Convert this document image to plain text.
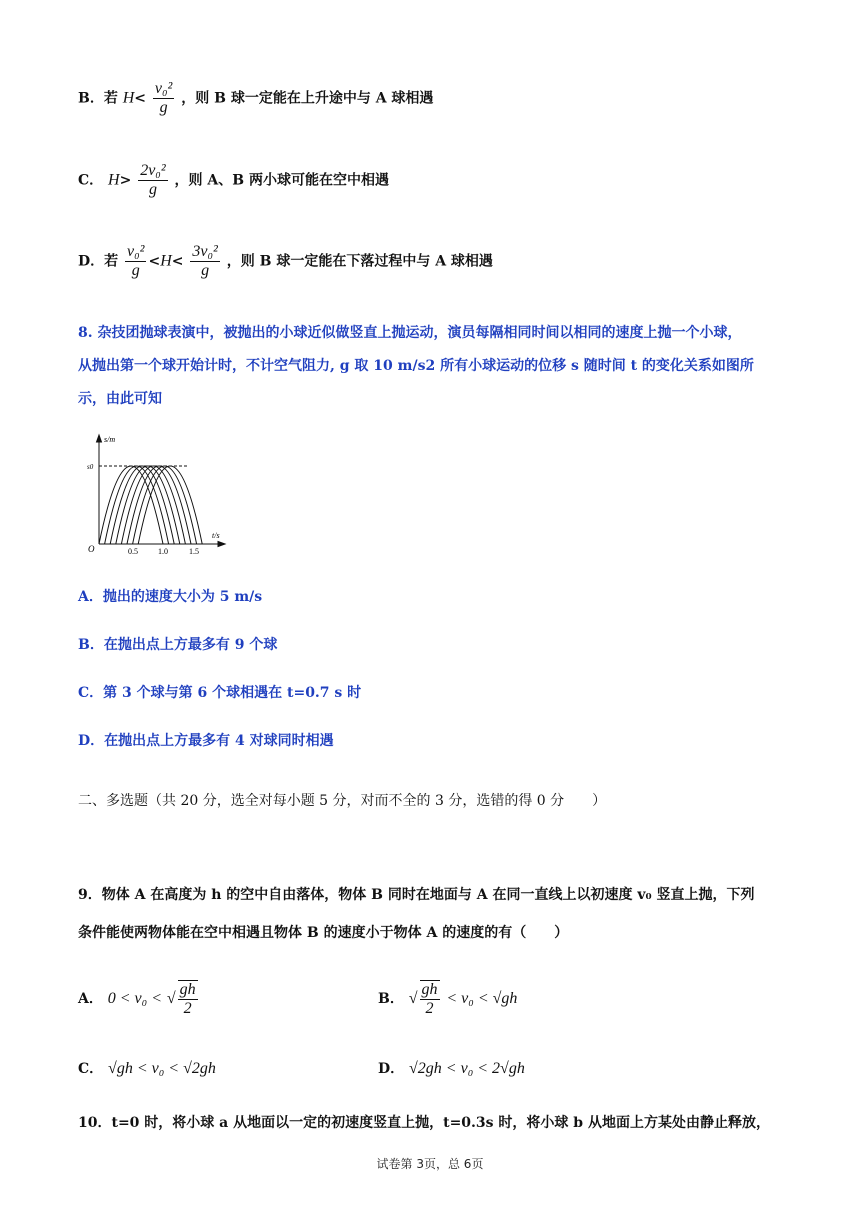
B．若 $H< \frac{\text{v₀²}}{g}$ ，则 B 球一定能在上升途中与 A 球相遇
C． $H> \frac{\text{2v₀²}}{g}$ ，则 A、B 两小球可能在空中相遇
D．若 $\frac{\text{v₀²}}{g} <H< \frac{\text{3v₀²}}{g}$ ，则 B 球一定能在下落过程中与 A 球相遇
8. 杂技团抛球表演中，被抛出的小球近似做竖直上抛运动，演员每隔相同时间以相同的速度上抛一个小球，
从抛出第一个球开始计时，不计空气阻力, g 取 10 m/s2 所有小球运动的位移 s 随时间 t 的变化关系如图所
示，由此可知
s/m
t/s
O
s0
0.5	1.0	1.5
A．抛出的速度大小为 5 m/s
B．在抛出点上方最多有 9 个球
C．第 3 个球与第 6 个球相遇在 t=0.7 s 时
D．在抛出点上方最多有 4 对球同时相遇
二、多选题（共 20 分，选全对每小题 5 分，对而不全的 3 分，选错的得 0 分　　）
9．物体 A 在高度为 h 的空中自由落体，物体 B 同时在地面与 A 在同一直线上以初速度 v₀ 竖直上抛，下列
条件能使两物体能在空中相遇且物体 B 的速度小于物体 A 的速度的有（　　）
A． 0 < v₀ < √ $\frac{gh}{2}$	B． √ $\frac{gh}{2} < v_0 < √gh$
C． √gh < v₀ < √2gh	D． √2gh < v₀ < 2√gh
10．t=0 时，将小球 a 从地面以一定的初速度竖直上抛，t=0.3s 时，将小球 b 从地面上方某处由静止释放，
试卷第 3页，总 6页
